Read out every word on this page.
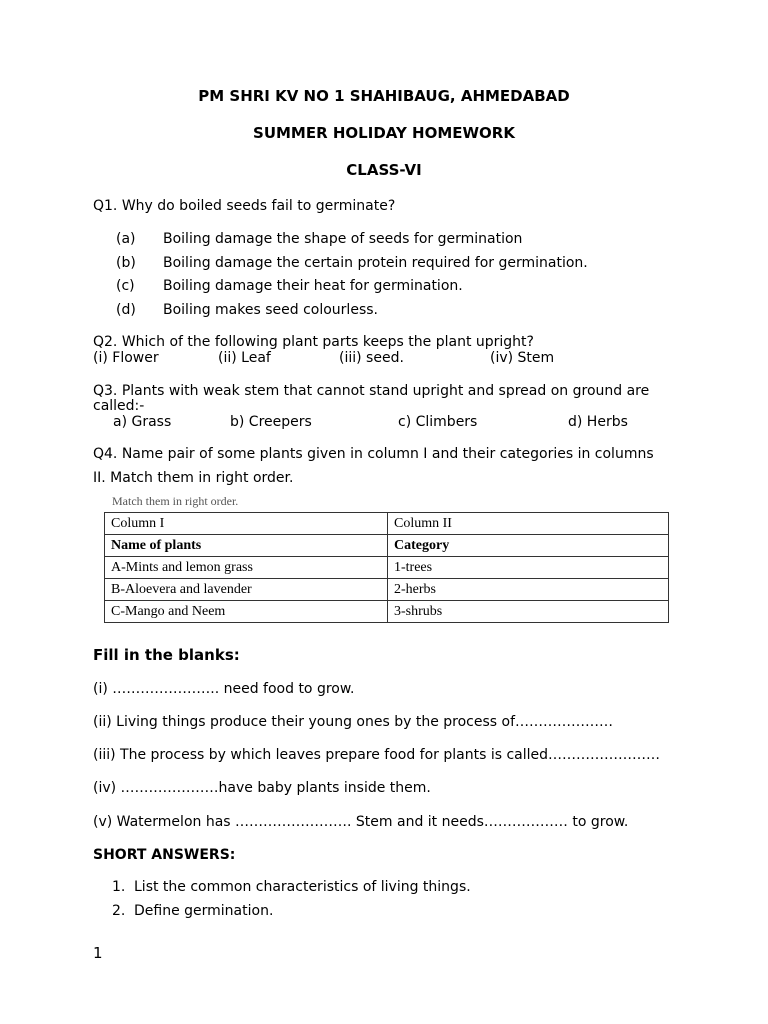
PM SHRI KV NO 1 SHAHIBAUG, AHMEDABAD
SUMMER HOLIDAY HOMEWORK
CLASS-VI
Q1. Why do boiled seeds fail to germinate?
(a) Boiling damage the shape of seeds for germination
(b) Boiling damage the certain protein required for germination.
(c) Boiling damage their heat for germination.
(d) Boiling makes seed colourless.
Q2. Which of the following plant parts keeps the plant upright?
(i) Flower	(ii) Leaf	(iii) seed.	(iv) Stem
Q3. Plants with weak stem that cannot stand upright and spread on ground are
called:-
a) Grass	b) Creepers	c) Climbers	d) Herbs
Q4. Name pair of some plants given in column I and their categories in columns
II. Match them in right order.
Match them in right order.
Column I	Column II
Name of plants	Category
A-Mints and lemon grass	1-trees
B-Aloevera and lavender	2-herbs
C-Mango and Neem	3-shrubs
Fill in the blanks:
(i) ………………….. need food to grow.
(ii) Living things produce their young ones by the process of…………………
(iii) The process by which leaves prepare food for plants is called……………………
(iv) …………………have baby plants inside them.
(v) Watermelon has ……………………. Stem and it needs……………… to grow.
SHORT ANSWERS:
1. List the common characteristics of living things.
2. Define germination.
1
